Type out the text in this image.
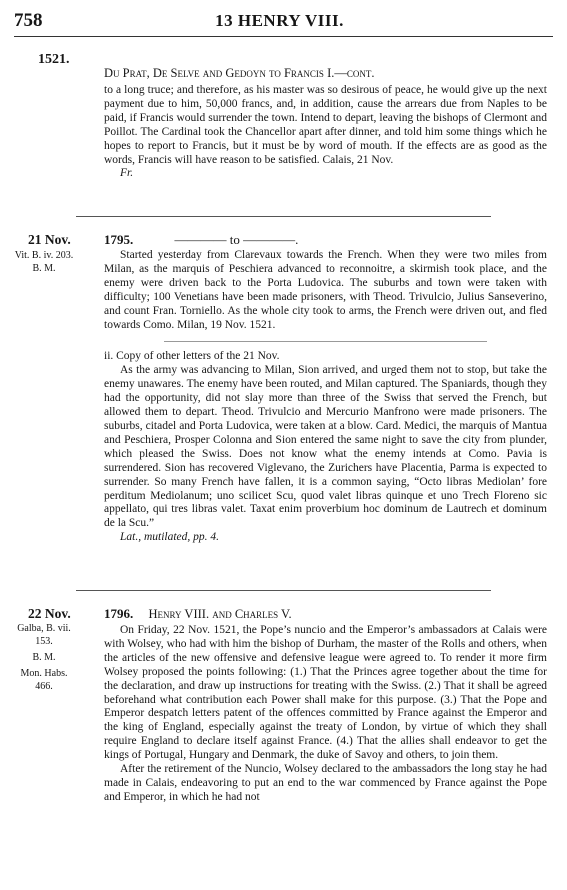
758	13 HENRY VIII.
1521.
Du Prat, De Selve and Gedoyn to Francis I.—cont.

to a long truce; and therefore, as his master was so desirous of peace, he would give up the next payment due to him, 50,000 francs, and, in addition, cause the arrears due from Naples to be paid, if Francis would surrender the town. Intend to depart, leaving the bishops of Clermont and Poillot. The Cardinal took the Chancellor apart after dinner, and told him some things which he hopes to report to Francis, but it must be by word of mouth. If the effects are as good as the words, Francis will have reason to be satisfied. Calais, 21 Nov.

Fr.

21 Nov.
Vit. B. iv. 203.
B. M.
1795.	———— to ————.

Started yesterday from Clarevaux towards the French. When they were two miles from Milan, as the marquis of Peschiera advanced to reconnoitre, a skirmish took place, and the enemy were driven back to the Porta Ludovica. The suburbs and town were taken with difficulty; 100 Venetians have been made prisoners, with Theod. Trivulcio, Julius Sanseverino, and count Fran. Torniello. As the whole city took to arms, the French were driven out, and fled towards Como. Milan, 19 Nov. 1521.

ii. Copy of other letters of the 21 Nov.

As the army was advancing to Milan, Sion arrived, and urged them not to stop, but take the enemy unawares. The enemy have been routed, and Milan captured. The Spaniards, though they had the opportunity, did not slay more than three of the Swiss that served the French, but allowed them to depart. Theod. Trivulcio and Mercurio Manfrono were made prisoners. The suburbs, citadel and Porta Ludovica, were taken at a blow. Card. Medici, the marquis of Mantua and Peschiera, Prosper Colonna and Sion entered the same night to save the city from plunder, which pleased the Swiss. Does not know what the enemy intends at Como. Pavia is surrendered. Sion has recovered Viglevano, the Zurichers have Placentia, Parma is expected to surrender. So many French have fallen, it is a common saying, “Octo libras Mediolan’ fore perditum Mediolanum; uno scilicet Scu, quod valet libras quinque et uno Trech Floreno sic appellato, qui tres libras valet. Taxat enim proverbium hoc dominum de Lautrech et dominum de la Scu.”

Lat., mutilated, pp. 4.

22 Nov.
Galba, B. vii.
153.
B. M.
Mon. Habs.
466.
1796. Henry VIII. and Charles V.

On Friday, 22 Nov. 1521, the Pope’s nuncio and the Emperor’s ambassadors at Calais were with Wolsey, who had with him the bishop of Durham, the master of the Rolls and others, when the articles of the new offensive and defensive league were agreed to. To render it more firm Wolsey proposed the points following: (1.) That the Princes agree together about the time for the declaration, and draw up instructions for treating with the Swiss. (2.) That it shall be agreed beforehand what contribution each Power shall make for this purpose. (3.) That the Pope and Emperor despatch letters patent of the offences committed by France against the Emperor and the king of England, especially against the treaty of London, by virtue of which they shall require England to declare itself against France. (4.) That the allies shall endeavor to get the kings of Portugal, Hungary and Denmark, the duke of Savoy and others, to join them.

After the retirement of the Nuncio, Wolsey declared to the ambassadors the long stay he had made in Calais, endeavoring to put an end to the war commenced by France against the Pope and Emperor, in which he had not
